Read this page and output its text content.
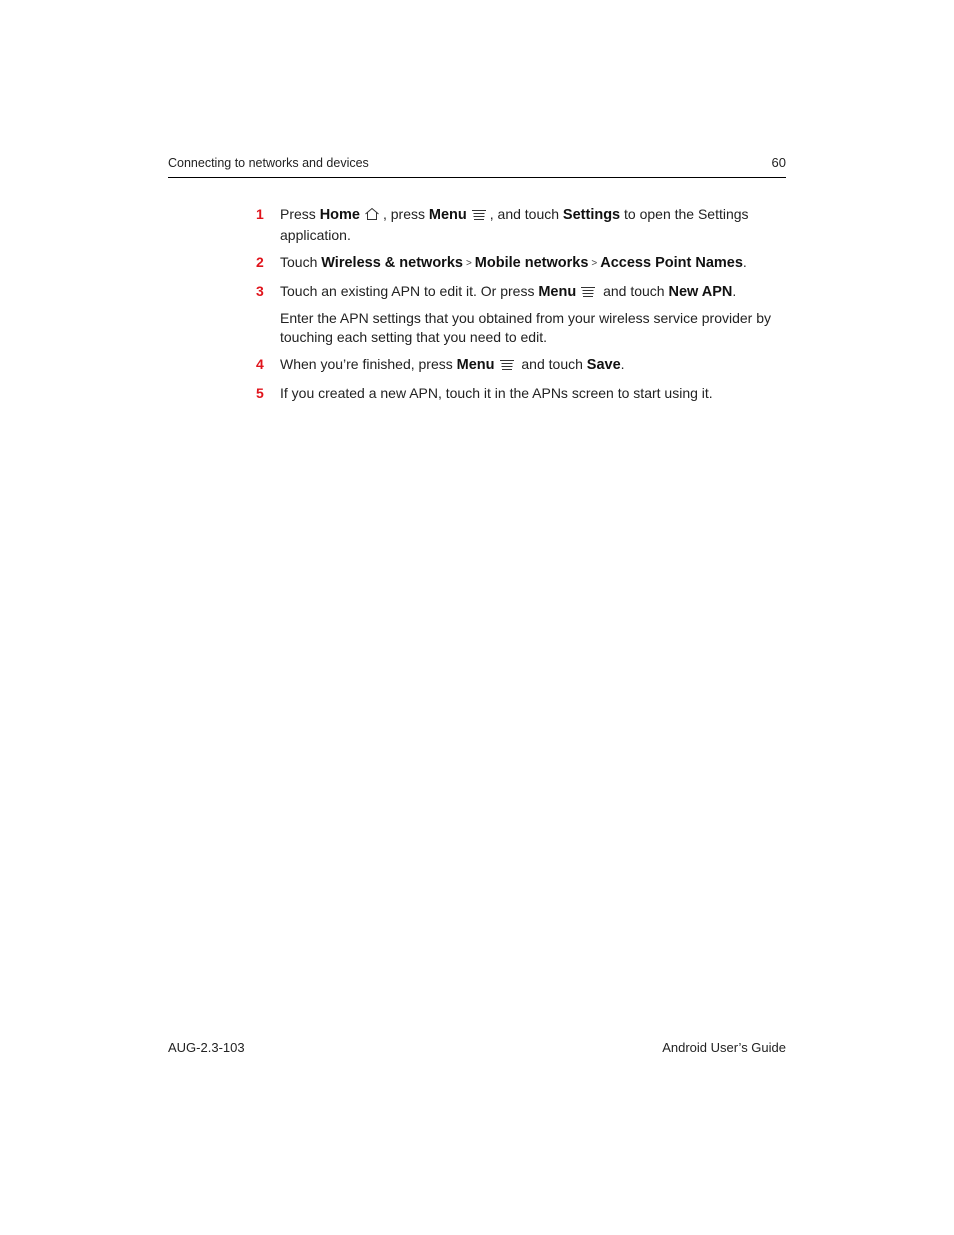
Connecting to networks and devices	60
1 Press Home , press Menu , and touch Settings to open the Settings application.

2 Touch Wireless & networks > Mobile networks > Access Point Names.

3 Touch an existing APN to edit it. Or press Menu and touch New APN.

Enter the APN settings that you obtained from your wireless service provider by touching each setting that you need to edit.

4 When you’re finished, press Menu and touch Save.

5 If you created a new APN, touch it in the APNs screen to start using it.

AUG-2.3-103	Android User’s Guide
